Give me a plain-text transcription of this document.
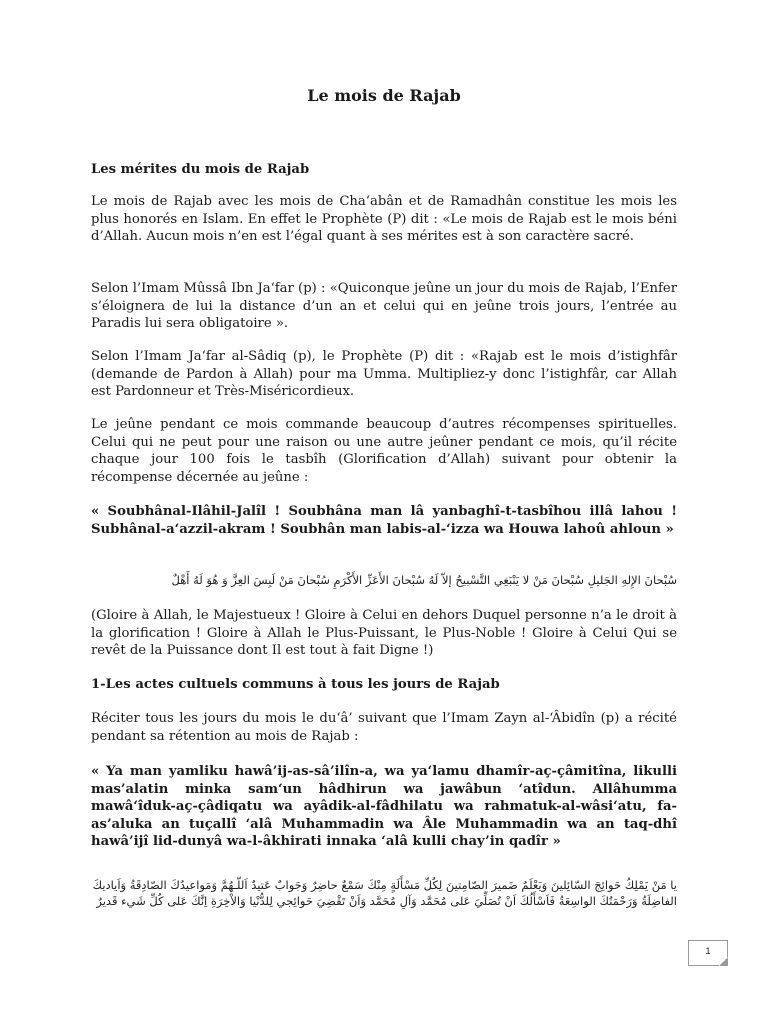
Le mois de Rajab
Les mérites du mois de Rajab
Le mois de Rajab avec les mois de Cha‘abân et de Ramadhân constitue les mois les plus honorés en Islam. En effet le Prophète (P) dit : «Le mois de Rajab est le mois béni d’Allah. Aucun mois n’en est l’égal quant à ses mérites est à son caractère sacré.
Selon l’Imam Mûssâ Ibn Ja‘far (p) : «Quiconque jeûne un jour du mois de Rajab, l’Enfer s’éloignera de lui la distance d’un an et celui qui en jeûne trois jours, l’entrée au Paradis lui sera obligatoire ».
Selon l’Imam Ja‘far al-Sâdiq (p), le Prophète (P) dit : «Rajab est le mois d’istighfâr (demande de Pardon à Allah) pour ma Umma. Multipliez-y donc l’istighfâr, car Allah est Pardonneur et Très-Miséricordieux.
Le jeûne pendant ce mois commande beaucoup d’autres récompenses spirituelles. Celui qui ne peut pour une raison ou une autre jeûner pendant ce mois, qu’il récite chaque jour 100 fois le tasbîh (Glorification d’Allah) suivant pour obtenir la récompense décernée au jeûne :
« Soubhânal-Ilâhil-Jalîl ! Soubhâna man lâ yanbaghî-t-tasbîhou illâ lahou ! Subhânal-a‘azzil-akram ! Soubhân man labis-al-‘izza wa Houwa lahoû ahloun »
سُبْحانَ الإِلهِ الجَليلِ سُبْحانَ مَنْ لا يَنْبَغِي التَّسْبيحُ إلاّ لَهُ سُبْحانَ الأَعَزِّ الأَكْرَمِ سُبْحانَ مَنْ لَبِسَ العِزَّ وَ هُوَ لَهُ أَهْلٌ
(Gloire à Allah, le Majestueux ! Gloire à Celui en dehors Duquel personne n’a le droit à la glorification ! Gloire à Allah le Plus-Puissant, le Plus-Noble ! Gloire à Celui Qui se revêt de la Puissance dont Il est tout à fait Digne !)
1-Les actes cultuels communs à tous les jours de Rajab
Réciter tous les jours du mois le du‘â’ suivant que l’Imam Zayn al-‘Âbidîn (p) a récité pendant sa rétention au mois de Rajab :
« Ya man yamliku hawâ’ij-as-sâ’ilîn-a, wa ya‘lamu dhamîr-aç-çâmitîna, likulli mas’alatin minka sam‘un hâdhirun wa jawâbun ‘atîdun. Allâhumma mawâ‘îduk-aç-çâdiqatu wa ayâdik-al-fâdhilatu wa rahmatuk-al-wâsi‘atu, fa-as’aluka an tuçallî ‘alâ Muhammadin wa Âle Muhammadin wa an taq-dhî hawâ’ijî lid-dunyâ wa-l-âkhirati innaka ‘alâ kulli chay’in qadîr »
يا مَنْ يَمْلِكُ حَوائِجَ السّائِلينَ وَيَعْلَمُ ضَميرَ الصّامِتينَ لِكُلِّ مَسْأَلَةٍ مِنْكَ سَمْعٌ حاضِرٌ وَجَوابٌ عَتيدٌ اَللّـهُمَّ وَمَواعيدُكَ الصّادِقَةُ وَاَياديكَ الفاضِلَةُ وَرَحْمَتُكَ الواسِعَةُ فَاَسْأَلُكَ اَنْ تُصَلِّيَ عَلى مُحَمَّد وَآلِ مُحَمَّد وَاَنْ تَقْضِيَ حَوائِجي لِلدُّنْيا وَالاْخِرَةِ اِنَّكَ عَلى كُلِّ شَيء قَديرٌ
1
